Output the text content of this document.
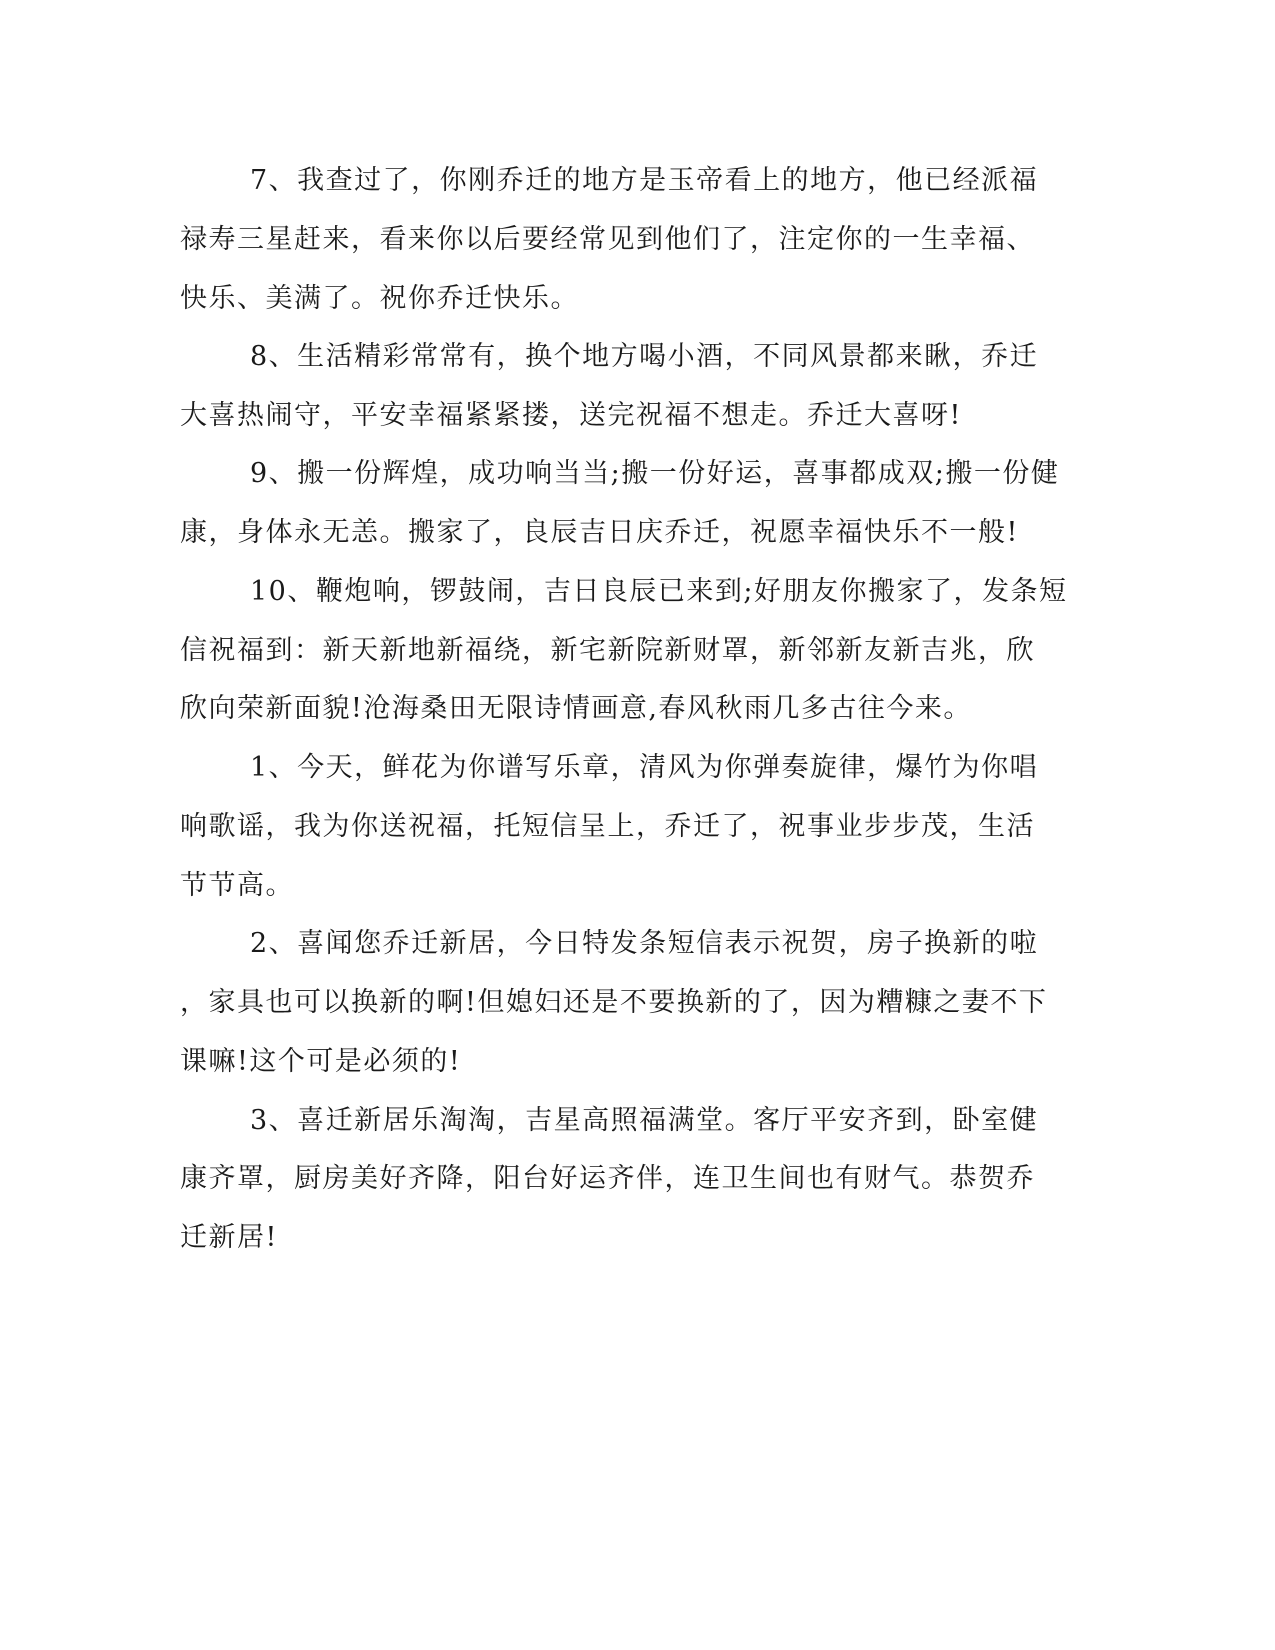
7、我查过了，你刚乔迁的地方是玉帝看上的地方，他已经派福
禄寿三星赶来，看来你以后要经常见到他们了，注定你的一生幸福、
快乐、美满了。祝你乔迁快乐。
8、生活精彩常常有，换个地方喝小酒，不同风景都来瞅，乔迁
大喜热闹守，平安幸福紧紧搂，送完祝福不想走。乔迁大喜呀!
9、搬一份辉煌，成功响当当;搬一份好运，喜事都成双;搬一份健
康，身体永无恙。搬家了，良辰吉日庆乔迁，祝愿幸福快乐不一般!
10、鞭炮响，锣鼓闹，吉日良辰已来到;好朋友你搬家了，发条短
信祝福到：新天新地新福绕，新宅新院新财罩，新邻新友新吉兆，欣
欣向荣新面貌!沧海桑田无限诗情画意,春风秋雨几多古往今来。
1、今天，鲜花为你谱写乐章，清风为你弹奏旋律，爆竹为你唱
响歌谣，我为你送祝福，托短信呈上，乔迁了，祝事业步步茂，生活
节节高。
2、喜闻您乔迁新居，今日特发条短信表示祝贺，房子换新的啦
，家具也可以换新的啊!但媳妇还是不要换新的了，因为糟糠之妻不下
课嘛!这个可是必须的!
3、喜迁新居乐淘淘，吉星高照福满堂。客厅平安齐到，卧室健
康齐罩，厨房美好齐降，阳台好运齐伴，连卫生间也有财气。恭贺乔
迁新居!
